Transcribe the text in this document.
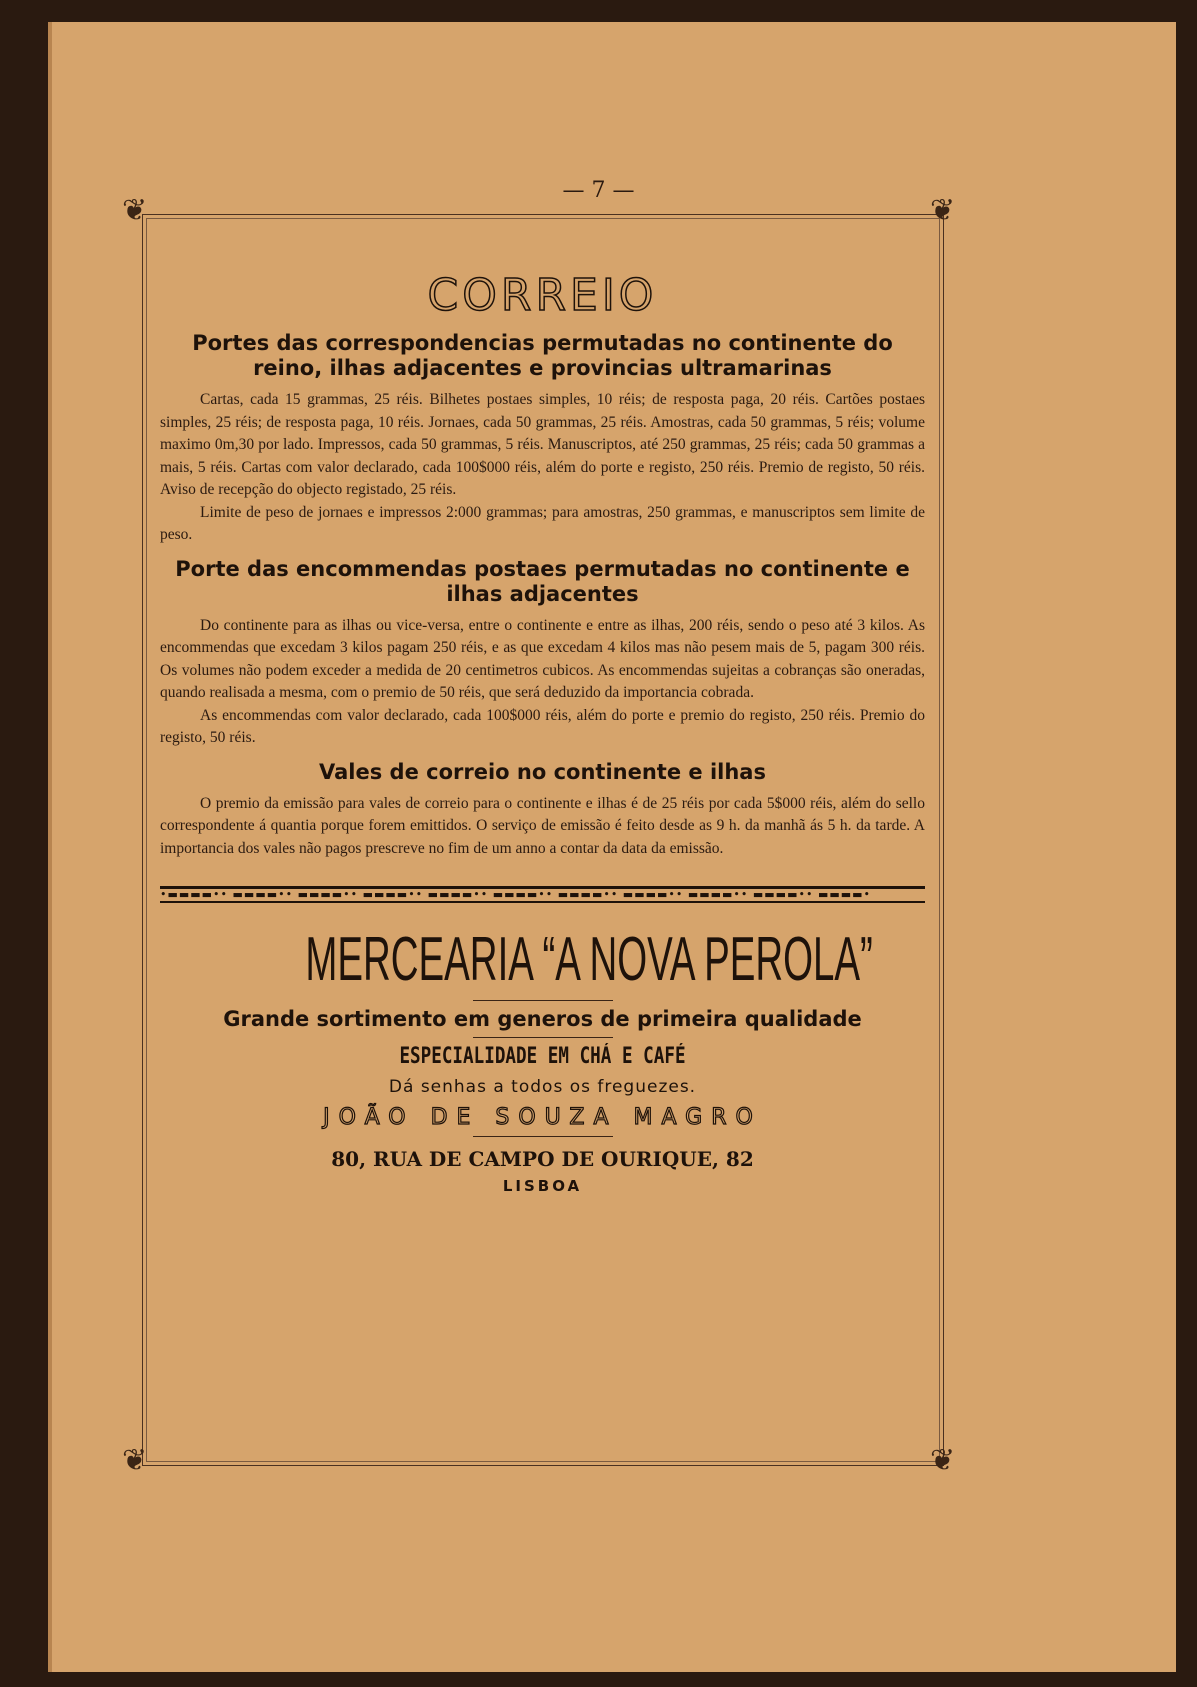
— 7 —
❦	❦
❦	❦
CORREIO
Portes das correspondencias permutadas no continente do reino, ilhas adjacentes e provincias ultramarinas

Cartas, cada 15 grammas, 25 réis. Bilhetes postaes simples, 10 réis; de resposta paga, 20 réis. Cartões postaes simples, 25 réis; de resposta paga, 10 réis. Jornaes, cada 50 grammas, 25 réis. Amostras, cada 50 grammas, 5 réis; volume maximo 0m,30 por lado. Impressos, cada 50 grammas, 5 réis. Manuscriptos, até 250 grammas, 25 réis; cada 50 grammas a mais, 5 réis. Cartas com valor declarado, cada 100$000 réis, além do porte e registo, 250 réis. Premio de registo, 50 réis. Aviso de recepção do objecto registado, 25 réis.

Limite de peso de jornaes e impressos 2:000 grammas; para amostras, 250 grammas, e manuscriptos sem limite de peso.

Porte das encommendas postaes permutadas no continente e ilhas adjacentes

Do continente para as ilhas ou vice-versa, entre o continente e entre as ilhas, 200 réis, sendo o peso até 3 kilos. As encommendas que excedam 3 kilos pagam 250 réis, e as que excedam 4 kilos mas não pesem mais de 5, pagam 300 réis. Os volumes não podem exceder a medida de 20 centimetros cubicos. As encommendas sujeitas a cobranças são oneradas, quando realisada a mesma, com o premio de 50 réis, que será deduzido da importancia cobrada.

As encommendas com valor declarado, cada 100$000 réis, além do porte e premio do registo, 250 réis. Premio do registo, 50 réis.

Vales de correio no continente e ilhas

O premio da emissão para vales de correio para o continente e ilhas é de 25 réis por cada 5$000 réis, além do sello correspondente á quantia porque forem emittidos. O serviço de emissão é feito desde as 9 h. da manhã ás 5 h. da tarde. A importancia dos vales não pagos prescreve no fim de um anno a contar da data da emissão.

•▬▬▬▬•• ▬▬▬▬•• ▬▬▬▬•• ▬▬▬▬•• ▬▬▬▬•• ▬▬▬▬•• ▬▬▬▬•• ▬▬▬▬•• ▬▬▬▬•• ▬▬▬▬•• ▬▬▬▬•
MERCEARIA “A NOVA PEROLA”
Grande sortimento em generos de primeira qualidade
ESPECIALIDADE EM CHÁ E CAFÉ
Dá senhas a todos os freguezes.
JOÃO DE SOUZA MAGRO
80, RUA DE CAMPO DE OURIQUE, 82
LISBOA
